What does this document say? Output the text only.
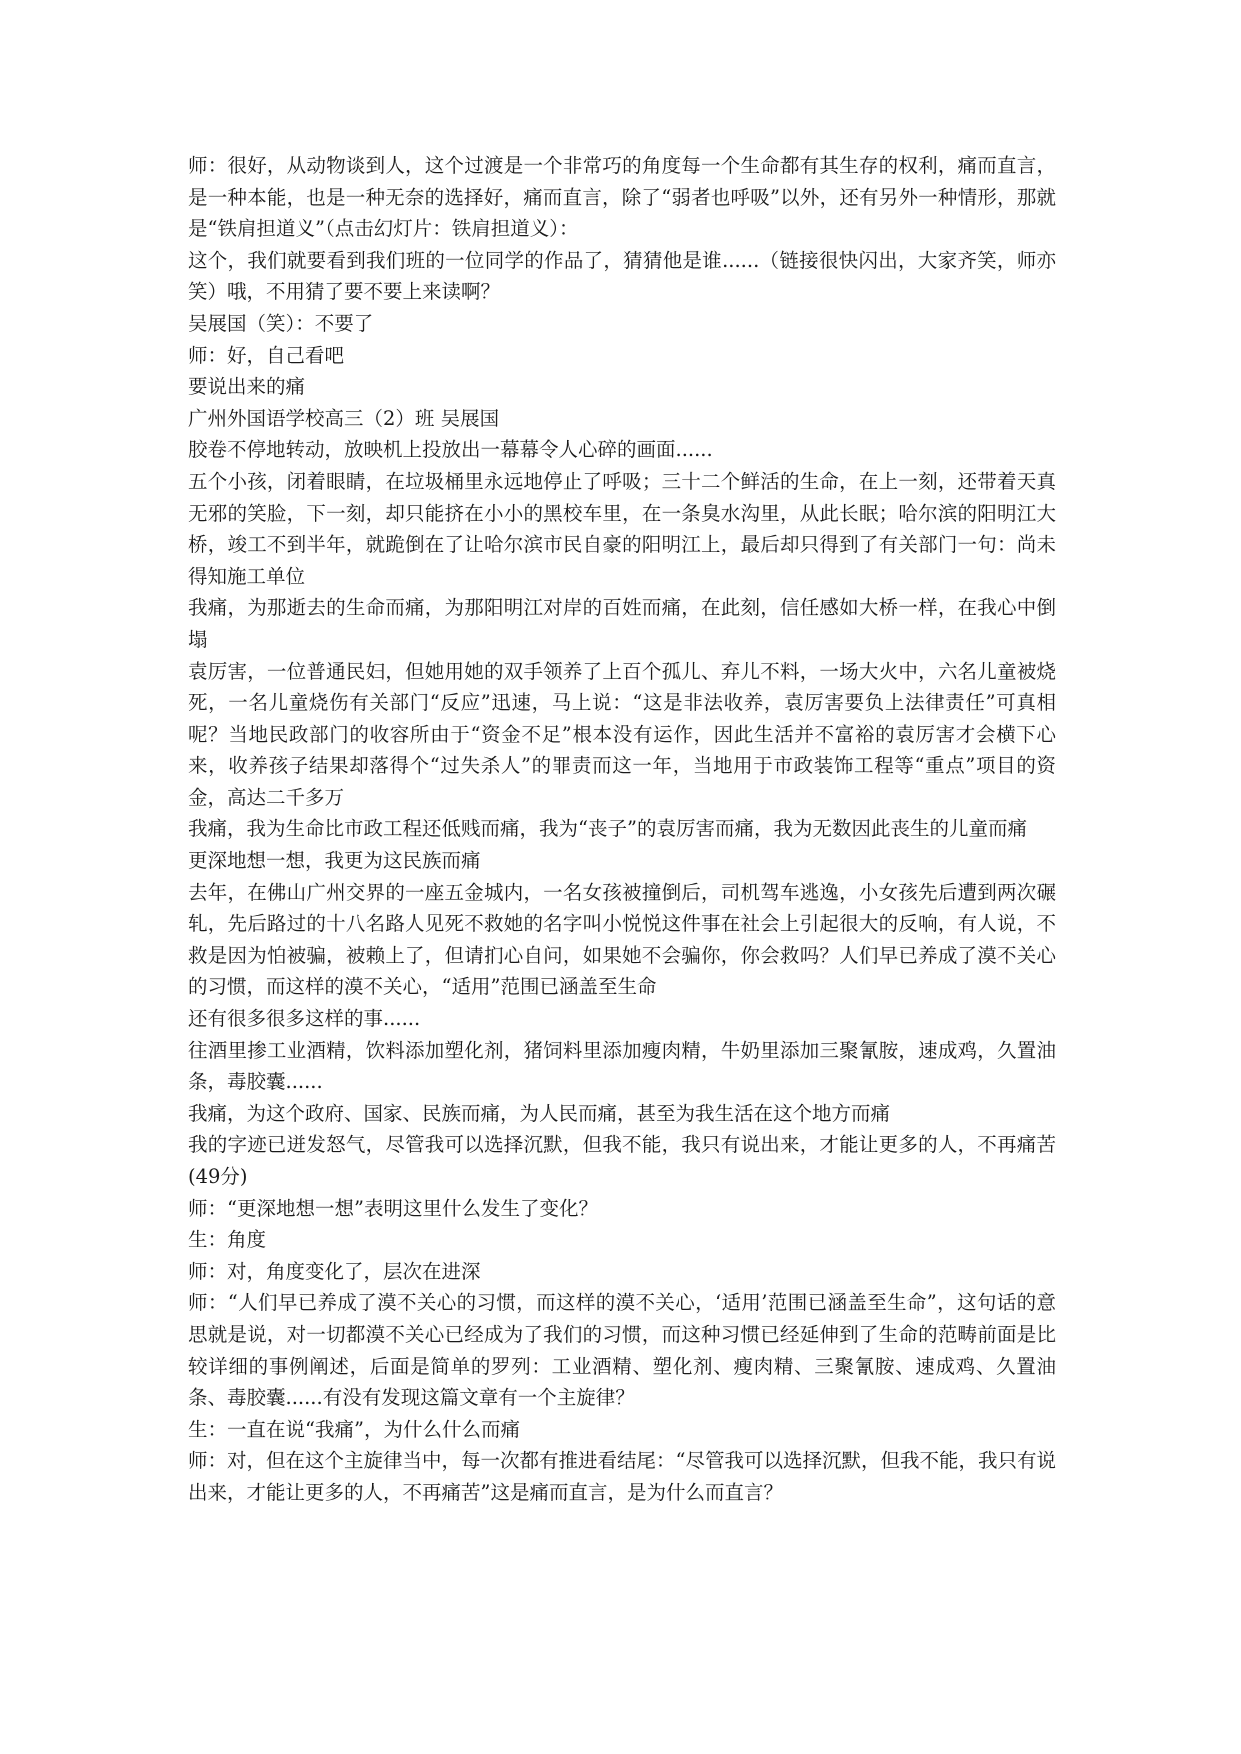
师：很好，从动物谈到人，这个过渡是一个非常巧的角度每一个生命都有其生存的权利，痛而直言，是一种本能，也是一种无奈的选择好，痛而直言，除了“弱者也呼吸”以外，还有另外一种情形，那就是“铁肩担道义”（点击幻灯片：铁肩担道义）：

这个，我们就要看到我们班的一位同学的作品了，猜猜他是谁......（链接很快闪出，大家齐笑，师亦笑）哦，不用猜了要不要上来读啊？

吴展国（笑）：不要了

师：好，自己看吧

要说出来的痛

广州外国语学校高三（2）班 吴展国

胶卷不停地转动，放映机上投放出一幕幕令人心碎的画面......

五个小孩，闭着眼睛，在垃圾桶里永远地停止了呼吸；三十二个鲜活的生命，在上一刻，还带着天真无邪的笑脸，下一刻，却只能挤在小小的黑校车里，在一条臭水沟里，从此长眠；哈尔滨的阳明江大桥，竣工不到半年，就跪倒在了让哈尔滨市民自豪的阳明江上，最后却只得到了有关部门一句：尚未得知施工单位

我痛，为那逝去的生命而痛，为那阳明江对岸的百姓而痛，在此刻，信任感如大桥一样，在我心中倒塌

袁厉害，一位普通民妇，但她用她的双手领养了上百个孤儿、弃儿不料，一场大火中，六名儿童被烧死，一名儿童烧伤有关部门“反应”迅速，马上说：“这是非法收养，袁厉害要负上法律责任”可真相呢？当地民政部门的收容所由于“资金不足”根本没有运作，因此生活并不富裕的袁厉害才会横下心来，收养孩子结果却落得个“过失杀人”的罪责而这一年，当地用于市政装饰工程等“重点”项目的资金，高达二千多万

我痛，我为生命比市政工程还低贱而痛，我为“丧子”的袁厉害而痛，我为无数因此丧生的儿童而痛

更深地想一想，我更为这民族而痛

去年，在佛山广州交界的一座五金城内，一名女孩被撞倒后，司机驾车逃逸，小女孩先后遭到两次碾轧，先后路过的十八名路人见死不救她的名字叫小悦悦这件事在社会上引起很大的反响，有人说，不救是因为怕被骗，被赖上了，但请扪心自问，如果她不会骗你，你会救吗？人们早已养成了漠不关心的习惯，而这样的漠不关心，“适用”范围已涵盖至生命

还有很多很多这样的事......

往酒里掺工业酒精，饮料添加塑化剂，猪饲料里添加瘦肉精，牛奶里添加三聚氰胺，速成鸡，久置油条，毒胶囊......

我痛，为这个政府、国家、民族而痛，为人民而痛，甚至为我生活在这个地方而痛

我的字迹已迸发怒气，尽管我可以选择沉默，但我不能，我只有说出来，才能让更多的人，不再痛苦(49分)

师：“更深地想一想”表明这里什么发生了变化？

生：角度

师：对，角度变化了，层次在进深

师：“人们早已养成了漠不关心的习惯，而这样的漠不关心，‘适用’范围已涵盖至生命”，这句话的意思就是说，对一切都漠不关心已经成为了我们的习惯，而这种习惯已经延伸到了生命的范畴前面是比较详细的事例阐述，后面是简单的罗列：工业酒精、塑化剂、瘦肉精、三聚氰胺、速成鸡、久置油条、毒胶囊......有没有发现这篇文章有一个主旋律？

生：一直在说“我痛”，为什么什么而痛

师：对，但在这个主旋律当中，每一次都有推进看结尾：“尽管我可以选择沉默，但我不能，我只有说出来，才能让更多的人，不再痛苦”这是痛而直言，是为什么而直言？
